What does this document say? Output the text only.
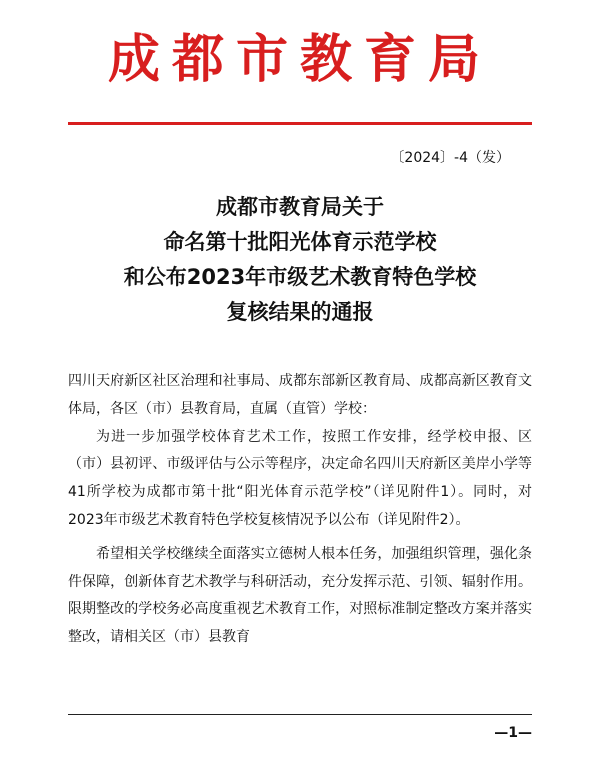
成都市教育局
〔2024〕-4（发）
成都市教育局关于
命名第十批阳光体育示范学校
和公布2023年市级艺术教育特色学校
复核结果的通报

四川天府新区社区治理和社事局、成都东部新区教育局、成都高新区教育文体局，各区（市）县教育局，直属（直管）学校：

为进一步加强学校体育艺术工作，按照工作安排，经学校申报、区（市）县初评、市级评估与公示等程序，决定命名四川天府新区美岸小学等41所学校为成都市第十批“阳光体育示范学校”（详见附件1）。同时，对2023年市级艺术教育特色学校复核情况予以公布（详见附件2）。

希望相关学校继续全面落实立德树人根本任务，加强组织管理，强化条件保障，创新体育艺术教学与科研活动，充分发挥示范、引领、辐射作用。限期整改的学校务必高度重视艺术教育工作，对照标准制定整改方案并落实整改，请相关区（市）县教育

—1—
